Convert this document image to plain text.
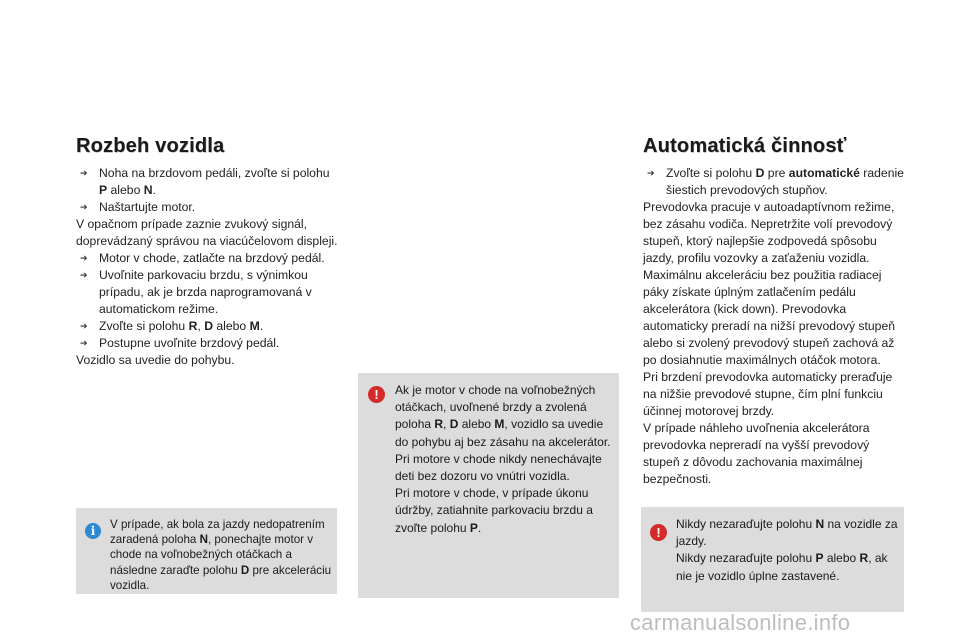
Rozbeh vozidla
➔ Noha na brzdovom pedáli, zvoľte si polohu P alebo N.
➔ Naštartujte motor.
V opačnom prípade zaznie zvukový signál, doprevádzaný správou na viacúčelovom displeji.
➔ Motor v chode, zatlačte na brzdový pedál.
➔ Uvoľnite parkovaciu brzdu, s výnimkou prípadu, ak je brzda naprogramovaná v automatickom režime.
➔ Zvoľte si polohu R, D alebo M.
➔ Postupne uvoľnite brzdový pedál.
Vozidlo sa uvedie do pohybu.
Automatická činnosť
➔ Zvoľte si polohu D pre automatické radenie šiestich prevodových stupňov.
Prevodovka pracuje v autoadaptívnom režime, bez zásahu vodiča. Nepretržite volí prevodový stupeň, ktorý najlepšie zodpovedá spôsobu jazdy, profilu vozovky a zaťaženiu vozidla.
Maximálnu akceleráciu bez použitia radiacej páky získate úplným zatlačením pedálu akcelerátora (kick down). Prevodovka automaticky preradí na nižší prevodový stupeň alebo si zvolený prevodový stupeň zachová až po dosiahnutie maximálnych otáčok motora.
Pri brzdení prevodovka automaticky preraďuje na nižšie prevodové stupne, čím plní funkciu účinnej motorovej brzdy.
V prípade náhleho uvoľnenia akcelerátora prevodovka nepreradí na vyšší prevodový stupeň z dôvodu zachovania maximálnej bezpečnosti.
!	Ak je motor v chode na voľnobežných otáčkach, uvoľnené brzdy a zvolená poloha R, D alebo M, vozidlo sa uvedie do pohybu aj bez zásahu na akcelerátor.
Pri motore v chode nikdy nenechávajte deti bez dozoru vo vnútri vozidla.
Pri motore v chode, v prípade úkonu údržby, zatiahnite parkovaciu brzdu a zvoľte polohu P.
i	V prípade, ak bola za jazdy nedopatrením zaradená poloha N, ponechajte motor v chode na voľnobežných otáčkach a následne zaraďte polohu D pre akceleráciu vozidla.
!
Nikdy nezaraďujte polohu N na vozidle za jazdy.
Nikdy nezaraďujte polohu P alebo R, ak nie je vozidlo úplne zastavené.
carmanualsonline.info
